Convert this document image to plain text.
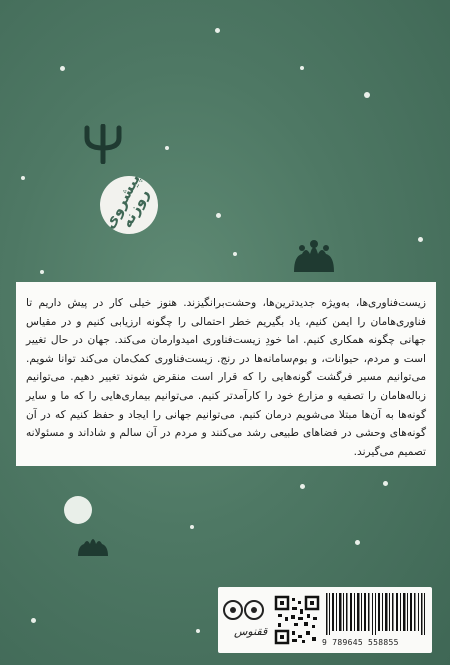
پیشروی روزنه

زیست‌فناوری‌ها، به‌ویژه جدیدترین‌ها، وحشت‌برانگیزند. هنوز خیلی کار در پیش داریم تا فناوری‌هامان را ایمن کنیم، یاد بگیریم خطر احتمالی را چگونه ارزیابی کنیم و در مقیاس جهانی چگونه همکاری کنیم. اما خودِ زیست‌فناوری امیدوارمان می‌کند. جهان در حال تغییر است و مردم، حیوانات، و بوم‌سامانه‌ها در رنج. زیست‌فناوری کمک‌مان می‌کند توانا شویم. می‌توانیم مسیر فرگشت گونه‌هایی را که قرار است منقرض شوند تغییر دهیم. می‌توانیم زباله‌هامان را تصفیه و مزارع خود را کارآمدتر کنیم. می‌توانیم بیماری‌هایی را که ما و سایر گونه‌ها به آن‌ها مبتلا می‌شویم درمان کنیم. می‌توانیم جهانی را ایجاد و حفظ کنیم که در آن گونه‌های وحشی در فضاهای طبیعی رشد می‌کنند و مردم در آن سالم و شاداند و مسئولانه تصمیم می‌گیرند.

ققنوس
9 789645 558855
